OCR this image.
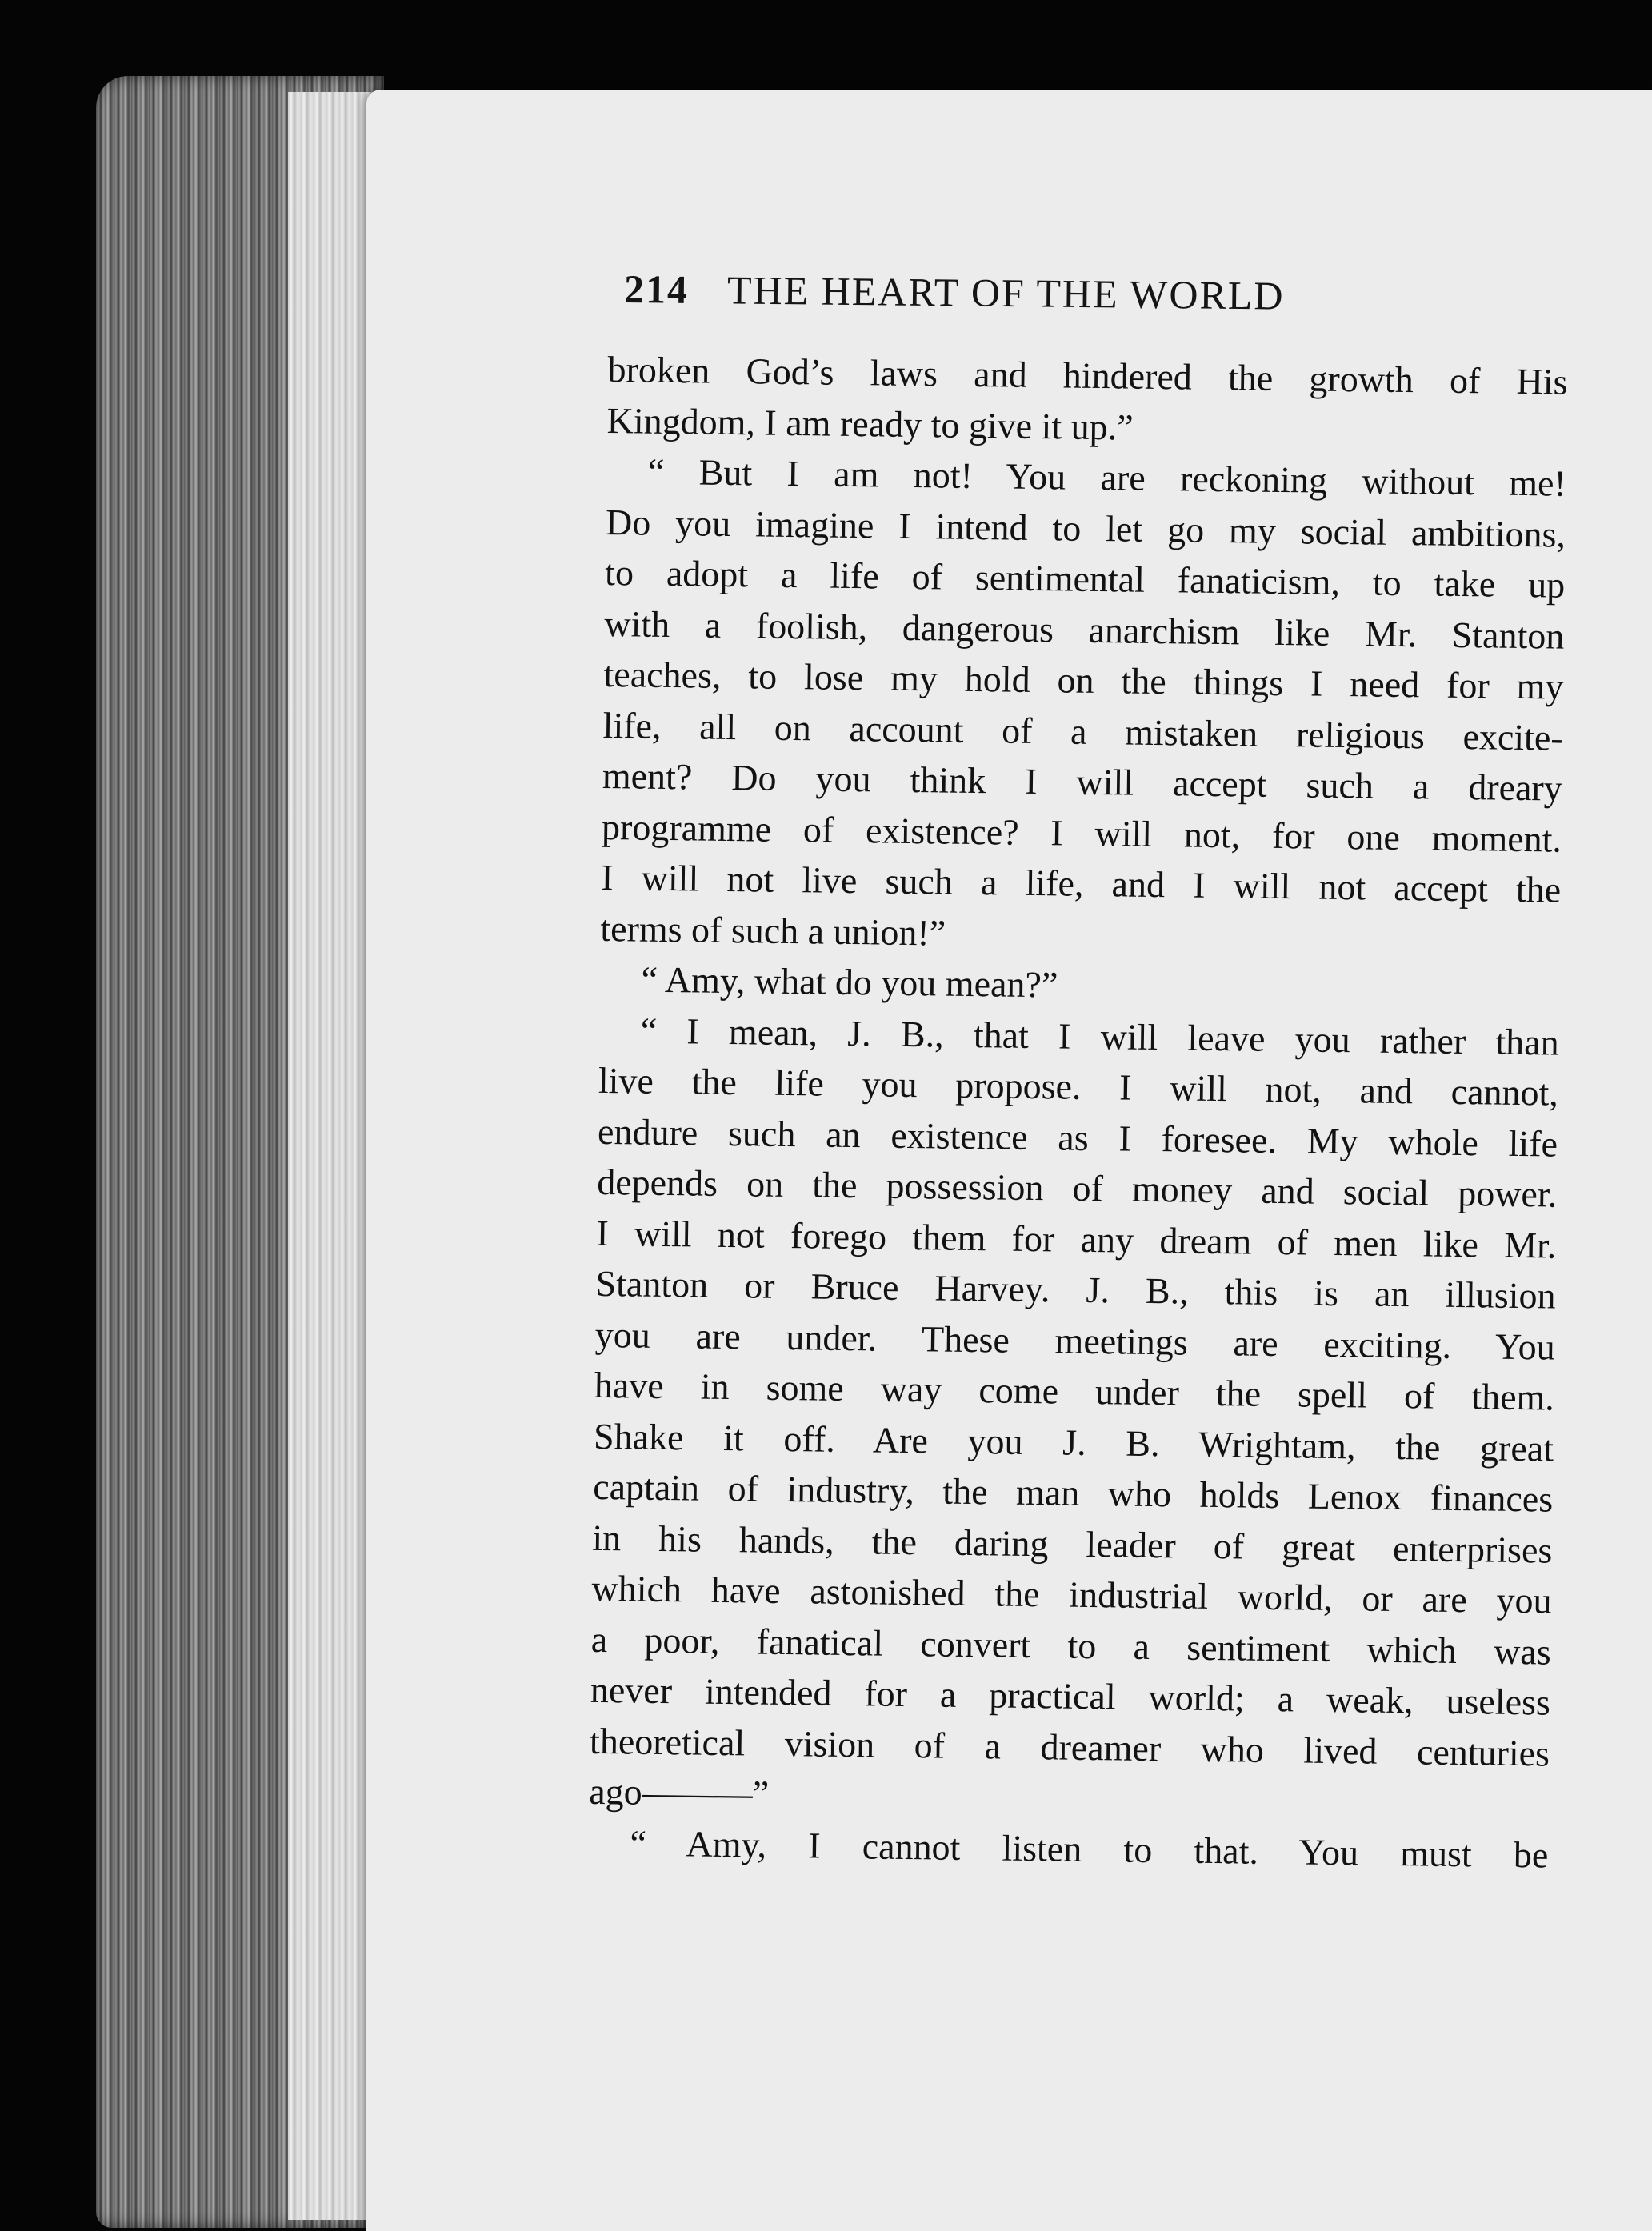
214 THE HEART OF THE WORLD
broken God’s laws and hindered the growth of His
Kingdom, I am ready to give it up.”
“ But I am not! You are reckoning without me!
Do you imagine I intend to let go my social ambitions,
to adopt a life of sentimental fanaticism, to take up
with a foolish, dangerous anarchism like Mr. Stanton
teaches, to lose my hold on the things I need for my
life, all on account of a mistaken religious excite-
ment? Do you think I will accept such a dreary
programme of existence? I will not, for one moment.
I will not live such a life, and I will not accept the
terms of such a union!”
“ Amy, what do you mean?”
“ I mean, J. B., that I will leave you rather than
live the life you propose. I will not, and cannot,
endure such an existence as I foresee. My whole life
depends on the possession of money and social power.
I will not forego them for any dream of men like Mr.
Stanton or Bruce Harvey. J. B., this is an illusion
you are under. These meetings are exciting. You
have in some way come under the spell of them.
Shake it off. Are you J. B. Wrightam, the great
captain of industry, the man who holds Lenox finances
in his hands, the daring leader of great enterprises
which have astonished the industrial world, or are you
a poor, fanatical convert to a sentiment which was
never intended for a practical world; a weak, useless
theoretical vision of a dreamer who lived centuries
ago———”
“ Amy, I cannot listen to that. You must be
